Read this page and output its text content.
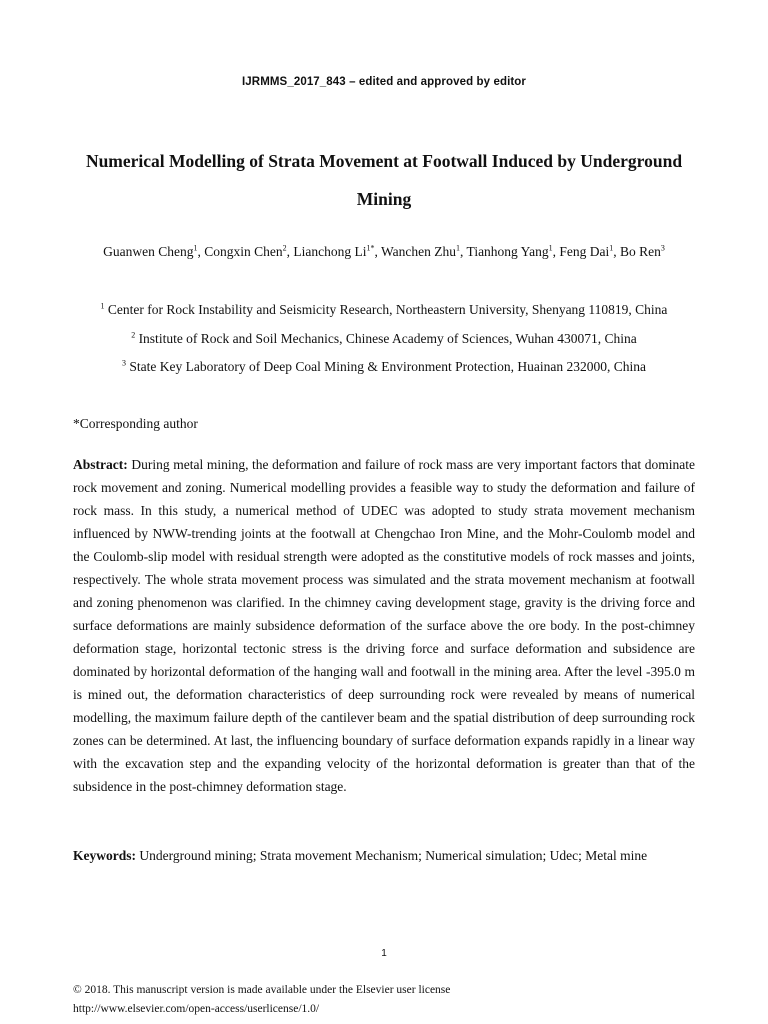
IJRMMS_2017_843 – edited and approved by editor
Numerical Modelling of Strata Movement at Footwall Induced by Underground Mining
Guanwen Cheng$^1$, Congxin Chen$^2$, Lianchong $Li^{1*}$, Wanchen Zhu$^1$, Tianhong Yang$^1$, Feng Dai$^1$, Bo Ren$^3$
$^1$ Center for Rock Instability and Seismicity Research, Northeastern University, Shenyang 110819, China
$^2$ Institute of Rock and Soil Mechanics, Chinese Academy of Sciences, Wuhan 430071, China
$^3$ State Key Laboratory of Deep Coal Mining & Environment Protection, Huainan 232000, China
*Corresponding author
Abstract: During metal mining, the deformation and failure of rock mass are very important factors that dominate rock movement and zoning. Numerical modelling provides a feasible way to study the deformation and failure of rock mass. In this study, a numerical method of UDEC was adopted to study strata movement mechanism influenced by NWW-trending joints at the footwall at Chengchao Iron Mine, and the Mohr-Coulomb model and the Coulomb-slip model with residual strength were adopted as the constitutive models of rock masses and joints, respectively. The whole strata movement process was simulated and the strata movement mechanism at footwall and zoning phenomenon was clarified. In the chimney caving development stage, gravity is the driving force and surface deformations are mainly subsidence deformation of the surface above the ore body. In the post-chimney deformation stage, horizontal tectonic stress is the driving force and surface deformation and subsidence are dominated by horizontal deformation of the hanging wall and footwall in the mining area. After the level -395.0 m is mined out, the deformation characteristics of deep surrounding rock were revealed by means of numerical modelling, the maximum failure depth of the cantilever beam and the spatial distribution of deep surrounding rock zones can be determined. At last, the influencing boundary of surface deformation expands rapidly in a linear way with the excavation step and the expanding velocity of the horizontal deformation is greater than that of the subsidence in the post-chimney deformation stage.
Keywords: Underground mining; Strata movement Mechanism; Numerical simulation; Udec; Metal mine
1
© 2018. This manuscript version is made available under the Elsevier user license
http://www.elsevier.com/open-access/userlicense/1.0/
